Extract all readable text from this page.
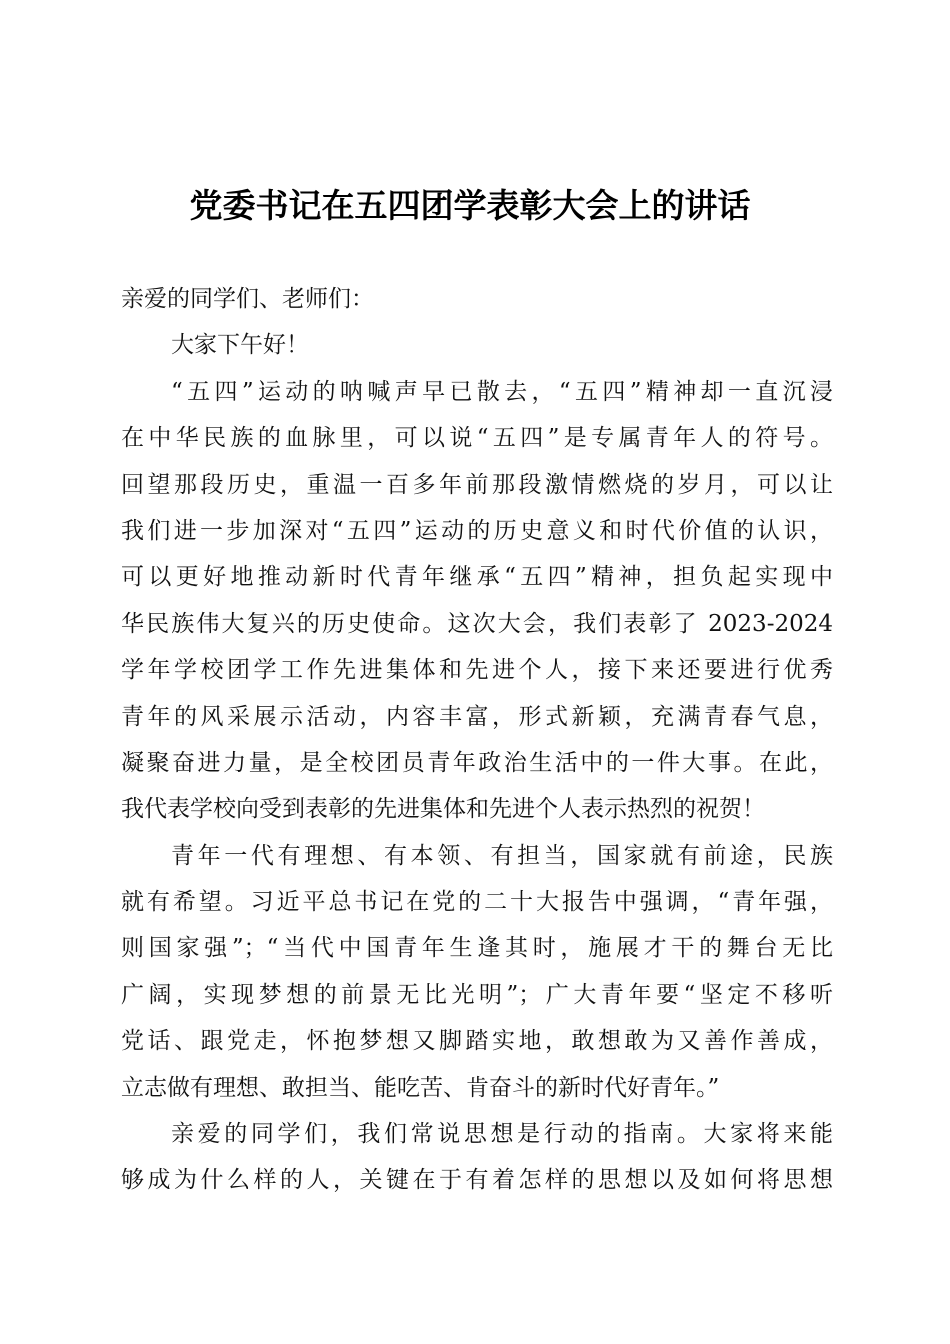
党委书记在五四团学表彰大会上的讲话
亲爱的同学们、老师们：
大家下午好！
“五四”运动的呐喊声早已散去，“五四”精神却一直沉浸
在中华民族的血脉里，可以说“五四”是专属青年人的符号。
回望那段历史，重温一百多年前那段激情燃烧的岁月，可以让
我们进一步加深对“五四”运动的历史意义和时代价值的认识，
可以更好地推动新时代青年继承“五四”精神，担负起实现中
华民族伟大复兴的历史使命。这次大会，我们表彰了 2023-2024
学年学校团学工作先进集体和先进个人，接下来还要进行优秀
青年的风采展示活动，内容丰富，形式新颖，充满青春气息，
凝聚奋进力量，是全校团员青年政治生活中的一件大事。在此，
我代表学校向受到表彰的先进集体和先进个人表示热烈的祝贺！
青年一代有理想、有本领、有担当，国家就有前途，民族
就有希望。习近平总书记在党的二十大报告中强调，“青年强，
则国家强”；“当代中国青年生逢其时，施展才干的舞台无比
广阔，实现梦想的前景无比光明”；广大青年要“坚定不移听
党话、跟党走，怀抱梦想又脚踏实地，敢想敢为又善作善成，
立志做有理想、敢担当、能吃苦、肯奋斗的新时代好青年。”
亲爱的同学们，我们常说思想是行动的指南。大家将来能
够成为什么样的人，关键在于有着怎样的思想以及如何将思想
